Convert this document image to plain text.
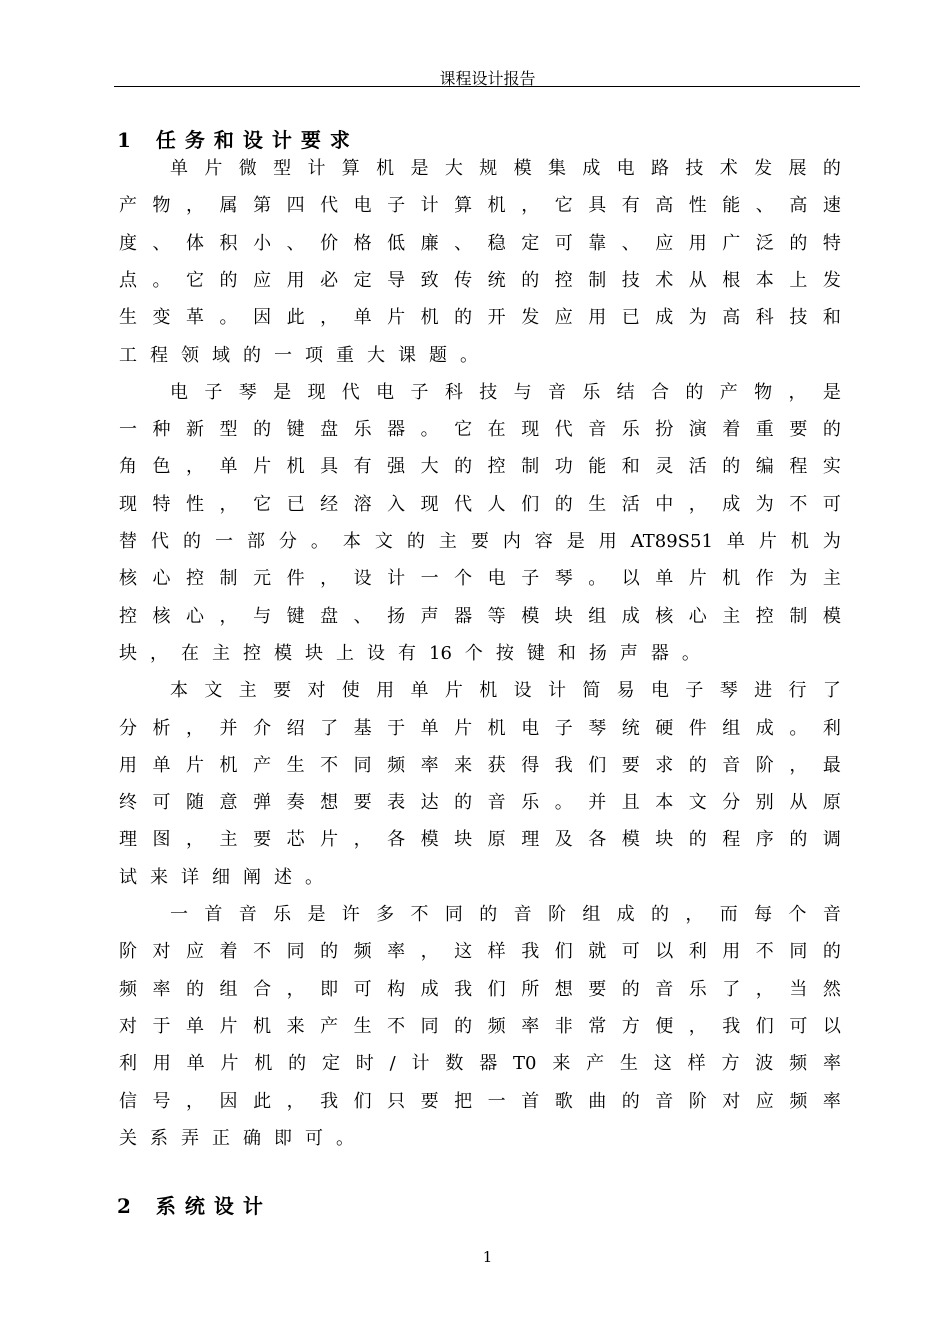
课程设计报告
1 任务和设计要求
单 片 微 型 计 算 机 是 大 规 模 集 成 电 路 技 术 发 展 的
产 物 ， 属 第 四 代 电 子 计 算 机 ， 它 具 有 高 性 能 、 高 速
度 、 体 积 小 、 价 格 低 廉 、 稳 定 可 靠 、 应 用 广 泛 的 特
点 。 它 的 应 用 必 定 导 致 传 统 的 控 制 技 术 从 根 本 上 发
生 变 革 。 因 此 ， 单 片 机 的 开 发 应 用 已 成 为 高 科 技 和
工 程 领 域 的 一 项 重 大 课 题 。
电 子 琴 是 现 代 电 子 科 技 与 音 乐 结 合 的 产 物 ， 是
一 种 新 型 的 键 盘 乐 器 。 它 在 现 代 音 乐 扮 演 着 重 要 的
角 色 ， 单 片 机 具 有 强 大 的 控 制 功 能 和 灵 活 的 编 程 实
现 特 性 ， 它 已 经 溶 入 现 代 人 们 的 生 活 中 ， 成 为 不 可
替 代 的 一 部 分 。 本 文 的 主 要 内 容 是 用 AT89S51 单 片 机 为
核 心 控 制 元 件 ， 设 计 一 个 电 子 琴 。 以 单 片 机 作 为 主
控 核 心 ， 与 键 盘 、 扬 声 器 等 模 块 组 成 核 心 主 控 制 模
块 ， 在 主 控 模 块 上 设 有 16 个 按 键 和 扬 声 器 。
本 文 主 要 对 使 用 单 片 机 设 计 简 易 电 子 琴 进 行 了
分 析 ， 并 介 绍 了 基 于 单 片 机 电 子 琴 统 硬 件 组 成 。 利
用 单 片 机 产 生 不 同 频 率 来 获 得 我 们 要 求 的 音 阶 ， 最
终 可 随 意 弹 奏 想 要 表 达 的 音 乐 。 并 且 本 文 分 别 从 原
理 图 ， 主 要 芯 片 ， 各 模 块 原 理 及 各 模 块 的 程 序 的 调
试 来 详 细 阐 述 。
一 首 音 乐 是 许 多 不 同 的 音 阶 组 成 的 ， 而 每 个 音
阶 对 应 着 不 同 的 频 率 ， 这 样 我 们 就 可 以 利 用 不 同 的
频 率 的 组 合 ， 即 可 构 成 我 们 所 想 要 的 音 乐 了 ， 当 然
对 于 单 片 机 来 产 生 不 同 的 频 率 非 常 方 便 ， 我 们 可 以
利 用 单 片 机 的 定 时 / 计 数 器 T0 来 产 生 这 样 方 波 频 率
信 号 ， 因 此 ， 我 们 只 要 把 一 首 歌 曲 的 音 阶 对 应 频 率
关 系 弄 正 确 即 可 。
2 系统设计
1
